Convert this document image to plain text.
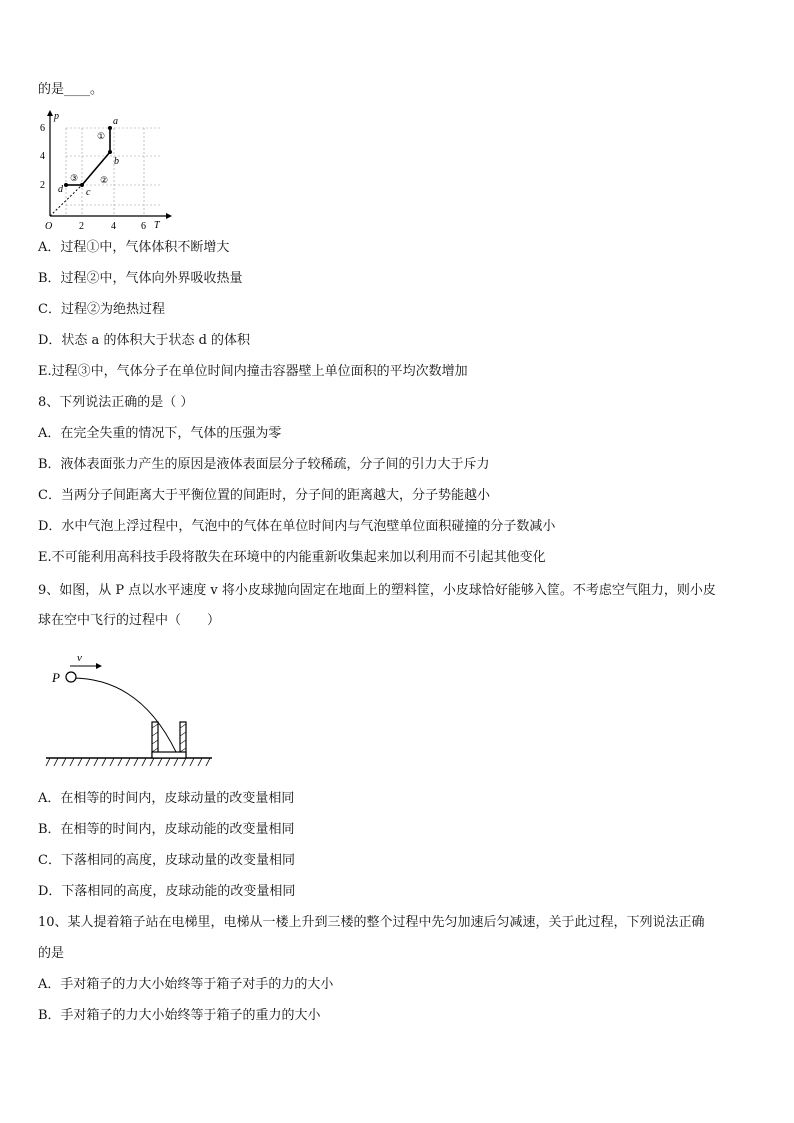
的是____。
p
T
O
2
4
6
2	4	6
a
b
c
d
①
②
③
A．过程①中，气体体积不断增大
B．过程②中，气体向外界吸收热量
C．过程②为绝热过程
D．状态 a 的体积大于状态 d 的体积
E.过程③中，气体分子在单位时间内撞击容器壁上单位面积的平均次数增加
8、下列说法正确的是（ ）
A．在完全失重的情况下，气体的压强为零
B．液体表面张力产生的原因是液体表面层分子较稀疏，分子间的引力大于斥力
C．当两分子间距离大于平衡位置的间距时，分子间的距离越大，分子势能越小
D．水中气泡上浮过程中，气泡中的气体在单位时间内与气泡壁单位面积碰撞的分子数减小
E.不可能利用高科技手段将散失在环境中的内能重新收集起来加以利用而不引起其他变化
9、如图，从 P 点以水平速度 v 将小皮球抛向固定在地面上的塑料筐，小皮球恰好能够入筐。不考虑空气阻力，则小皮
球在空中飞行的过程中（　　）
v
P
A．在相等的时间内，皮球动量的改变量相同
B．在相等的时间内，皮球动能的改变量相同
C．下落相同的高度，皮球动量的改变量相同
D．下落相同的高度，皮球动能的改变量相同
10、某人提着箱子站在电梯里，电梯从一楼上升到三楼的整个过程中先匀加速后匀减速，关于此过程，下列说法正确
的是
A．手对箱子的力大小始终等于箱子对手的力的大小
B．手对箱子的力大小始终等于箱子的重力的大小
